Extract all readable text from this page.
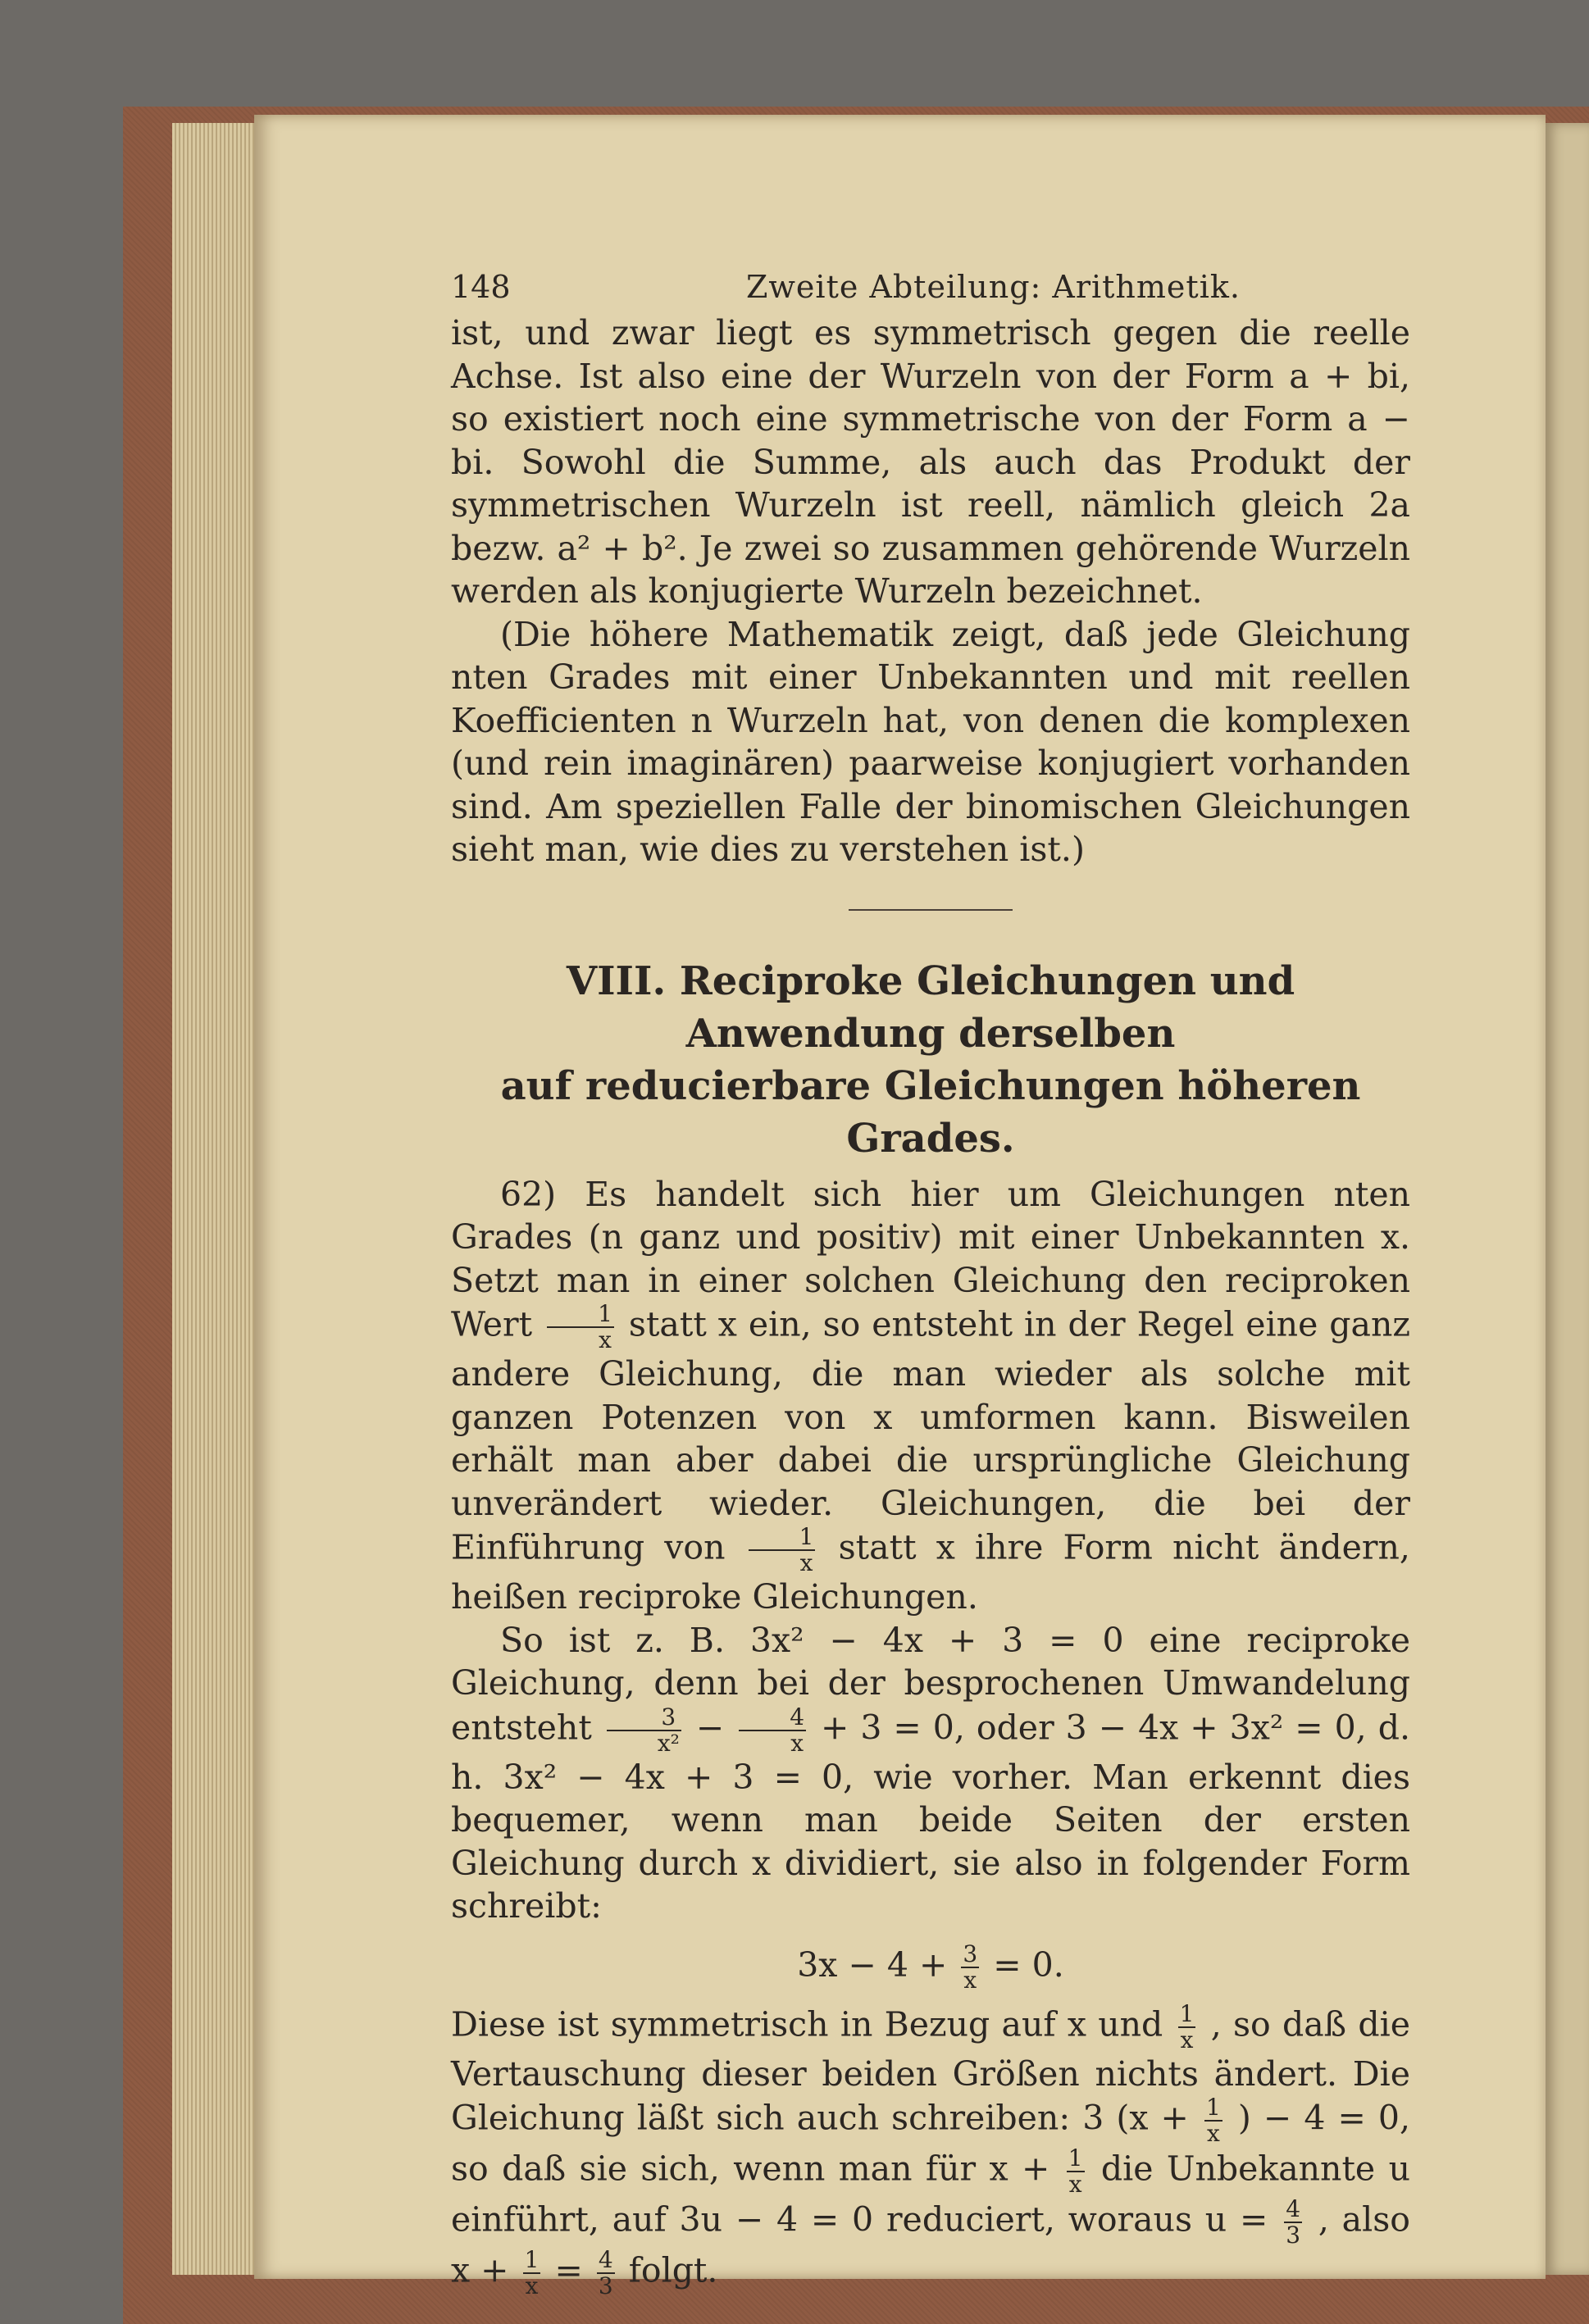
148	Zweite Abteilung: Arithmetik.

ist, und zwar liegt es symmetrisch gegen die reelle Achse. Ist also eine der Wurzeln von der Form a + bi, so existiert noch eine symmetrische von der Form a − bi. Sowohl die Summe, als auch das Produkt der symmetrischen Wurzeln ist reell, nämlich gleich 2a bezw. a² + b². Je zwei so zusammen gehörende Wurzeln werden als konjugierte Wurzeln bezeichnet.

(Die höhere Mathematik zeigt, daß jede Gleichung nten Grades mit einer Unbekannten und mit reellen Koefficienten n Wurzeln hat, von denen die komplexen (und rein imaginären) paarweise konjugiert vorhanden sind. Am speziellen Falle der binomischen Gleichungen sieht man, wie dies zu verstehen ist.)

VIII. Reciproke Gleichungen und Anwendung derselben
auf reducierbare Gleichungen höheren Grades.

62) Es handelt sich hier um Gleichungen nten Grades (n ganz und positiv) mit einer Unbekannten x. Setzt man in einer solchen Gleichung den reciproken Wert $\frac{1}{x}$ statt x ein, so entsteht in der Regel eine ganz andere Gleichung, die man wieder als solche mit ganzen Potenzen von x umformen kann. Bisweilen erhält man aber dabei die ursprüngliche Gleichung unverändert wieder. Gleichungen, die bei der Einführung von $\frac{1}{x}$ statt x ihre Form nicht ändern, heißen reciproke Gleichungen.

So ist z. B. 3x² − 4x + 3 = 0 eine reciproke Gleichung, denn bei der besprochenen Umwandelung entsteht $\frac{3}{\text{x²}} - \frac{4}{x} + 3 = 0$, oder 3 − 4x + 3x² = 0, d. h. 3x² − 4x + 3 = 0, wie vorher. Man erkennt dies bequemer, wenn man beide Seiten der ersten Gleichung durch x dividiert, sie also in folgender Form schreibt:

$3x - 4 + \frac{3}{x} = 0$.

Diese ist symmetrisch in Bezug auf x und $\frac{1}{x}$ , so daß die Vertauschung dieser beiden Größen nichts ändert. Die Gleichung läßt sich auch schreiben: 3 ($x + \frac{1}{x}$ ) − 4 = 0, so daß sie sich, wenn man für $x + \frac{1}{x}$ die Unbekannte u einführt, auf 3u − 4 = 0 reduciert, woraus $u = \frac{4}{3}$ , also $x + \frac{1}{x} = \frac{4}{3} folgt$.
